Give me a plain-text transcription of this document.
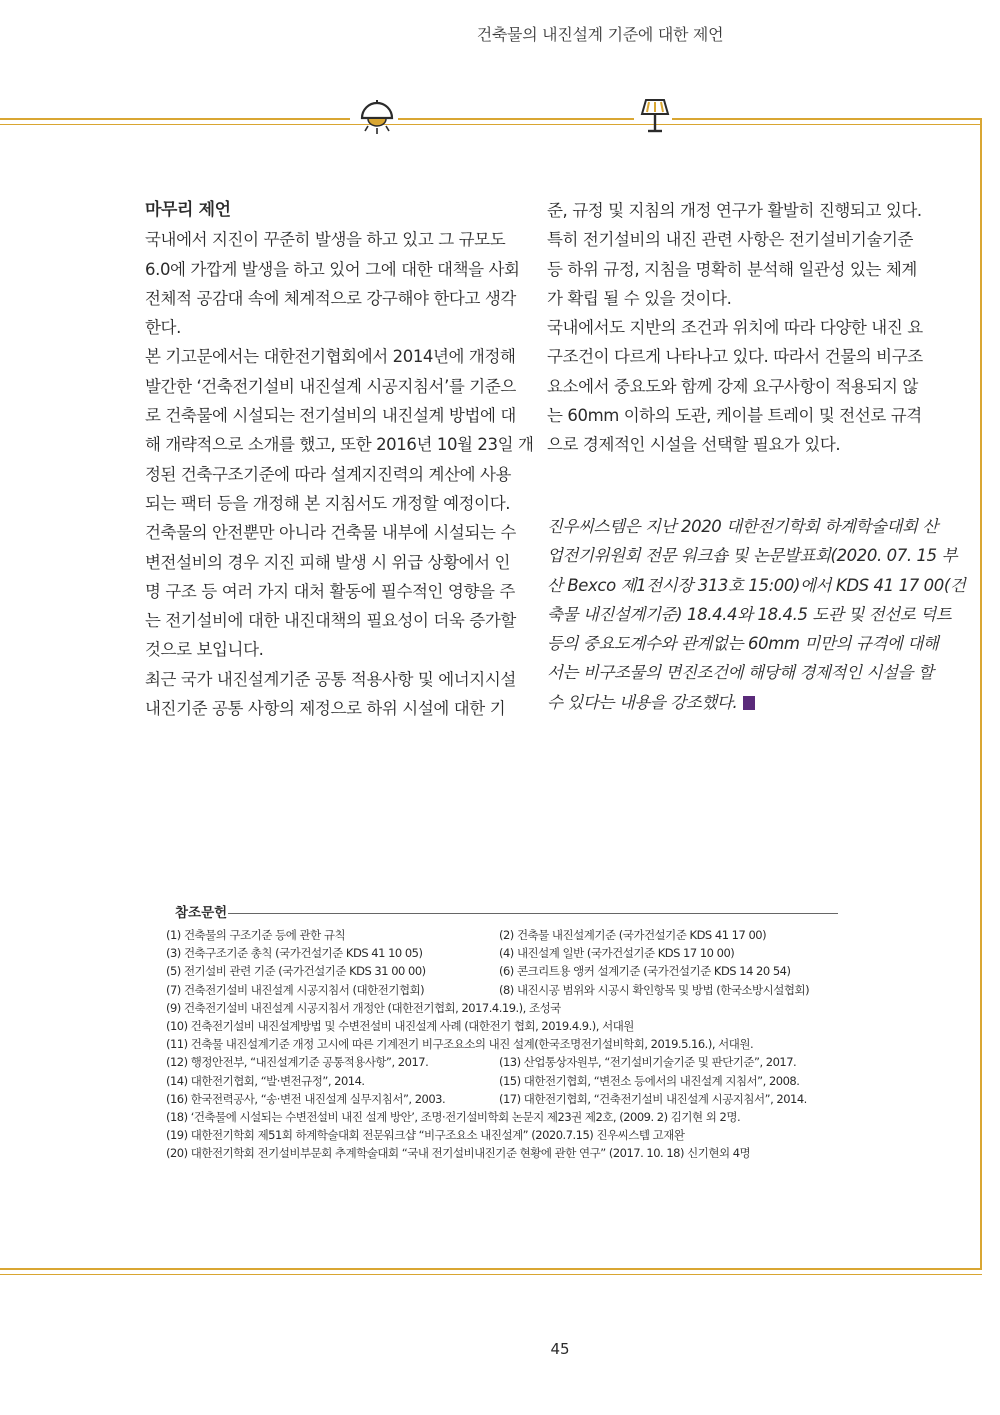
건축물의 내진설계 기준에 대한 제언

마무리 제언

국내에서 지진이 꾸준히 발생을 하고 있고 그 규모도

6.0에 가깝게 발생을 하고 있어 그에 대한 대책을 사회

전체적 공감대 속에 체계적으로 강구해야 한다고 생각

한다.

본 기고문에서는 대한전기협회에서 2014년에 개정해

발간한 ‘건축전기설비 내진설계 시공지침서’를 기준으

로 건축물에 시설되는 전기설비의 내진설계 방법에 대

해 개략적으로 소개를 했고, 또한 2016년 10월 23일 개

정된 건축구조기준에 따라 설계지진력의 계산에 사용

되는 팩터 등을 개정해 본 지침서도 개정할 예정이다.

건축물의 안전뿐만 아니라 건축물 내부에 시설되는 수

변전설비의 경우 지진 피해 발생 시 위급 상황에서 인

명 구조 등 여러 가지 대처 활동에 필수적인 영향을 주

는 전기설비에 대한 내진대책의 필요성이 더욱 증가할

것으로 보입니다.

최근 국가 내진설계기준 공통 적용사항 및 에너지시설

내진기준 공통 사항의 제정으로 하위 시설에 대한 기

준, 규정 및 지침의 개정 연구가 활발히 진행되고 있다.

특히 전기설비의 내진 관련 사항은 전기설비기술기준

등 하위 규정, 지침을 명확히 분석해 일관성 있는 체계

가 확립 될 수 있을 것이다.

국내에서도 지반의 조건과 위치에 따라 다양한 내진 요

구조건이 다르게 나타나고 있다. 따라서 건물의 비구조

요소에서 중요도와 함께 강제 요구사항이 적용되지 않

는 60mm 이하의 도관, 케이블 트레이 및 전선로 규격

으로 경제적인 시설을 선택할 필요가 있다.

진우씨스템은 지난 2020 대한전기학회 하계학술대회 산

업전기위원회 전문 워크숍 및 논문발표회(2020. 07. 15 부

산 Bexco 제1전시장 313호 15:00)에서 KDS 41 17 00(건

축물 내진설계기준) 18.4.4와 18.4.5 도관 및 전선로 덕트

등의 중요도계수와 관계없는 60mm 미만의 규격에 대해

서는 비구조물의 면진조건에 해당해 경제적인 시설을 할

수 있다는 내용을 강조했다.

참조문헌
(1) 건축물의 구조기준 등에 관한 규칙	(2) 건축물 내진설계기준 (국가건설기준 KDS 41 17 00)
(3) 건축구조기준 총칙 (국가건설기준 KDS 41 10 05)	(4) 내진설계 일반 (국가건설기준 KDS 17 10 00)
(5) 전기설비 관련 기준 (국가건설기준 KDS 31 00 00)	(6) 콘크리트용 앵커 설계기준 (국가건설기준 KDS 14 20 54)
(7) 건축전기설비 내진설계 시공지침서 (대한전기협회)	(8) 내진시공 범위와 시공시 확인항목 및 방법 (한국소방시설협회)
(9) 건축전기설비 내진설계 시공지침서 개정안 (대한전기협회, 2017.4.19.), 조성국
(10) 건축전기설비 내진설계방법 및 수변전설비 내진설계 사례 (대한전기 협회, 2019.4.9.), 서대원
(11) 건축물 내진설계기준 개정 고시에 따른 기계전기 비구조요소의 내진 설계(한국조명전기설비학회, 2019.5.16.), 서대원.
(12) 행정안전부, “내진설계기준 공통적용사항”, 2017.	(13) 산업통상자원부, “전기설비기술기준 및 판단기준”, 2017.
(14) 대한전기협회, “발·변전규정”, 2014.	(15) 대한전기협회, “변전소 등에서의 내진설계 지침서”, 2008.
(16) 한국전력공사, “송·변전 내진설계 실무지침서”, 2003.	(17) 대한전기협회, “건축전기설비 내진설계 시공지침서”, 2014.
(18) ‘건축물에 시설되는 수변전설비 내진 설계 방안’, 조명·전기설비학회 논문지 제23권 제2호, (2009. 2) 김기현 외 2명.
(19) 대한전기학회 제51회 하계학술대회 전문워크샵 “비구조요소 내진설계” (2020.7.15) 진우씨스템 고재완
(20) 대한전기학회 전기설비부문회 추계학술대회 “국내 전기설비내진기준 현황에 관한 연구” (2017. 10. 18) 신기현외 4명
45
